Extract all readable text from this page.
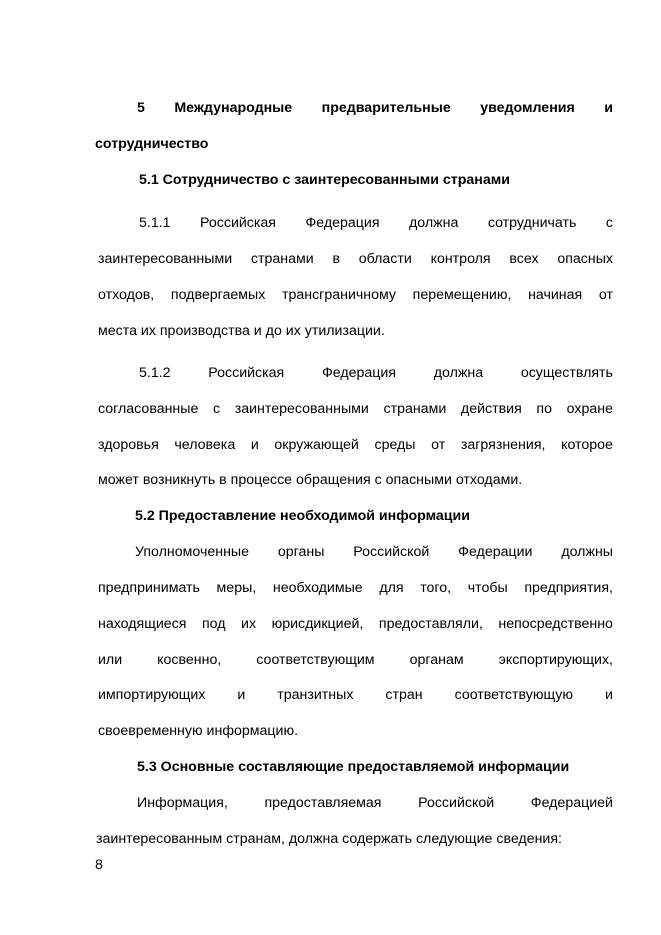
5 Международные предварительные уведомления и
сотрудничество
5.1 Сотрудничество с заинтересованными странами
5.1.1 Российская Федерация должна сотрудничать с
заинтересованными странами в области контроля всех опасных
отходов, подвергаемых трансграничному перемещению, начиная от
места их производства и до их утилизации.
5.1.2	Российская	Федерация	должна	осуществлять
согласованные с заинтересованными странами действия по охране
здоровья человека и окружающей среды от загрязнения, которое
может возникнуть в процессе обращения с опасными отходами.
5.2 Предоставление необходимой информации
Уполномоченные органы Российской Федерации должны
предпринимать меры, необходимые для того, чтобы предприятия,
находящиеся под их юрисдикцией, предоставляли, непосредственно
или косвенно, соответствующим органам экспортирующих,
импортирующих и транзитных стран соответствующую и
своевременную информацию.
5.3 Основные составляющие предоставляемой информации
Информация,	предоставляемая	Российской	Федерацией
заинтересованным странам, должна содержать следующие сведения:
8
